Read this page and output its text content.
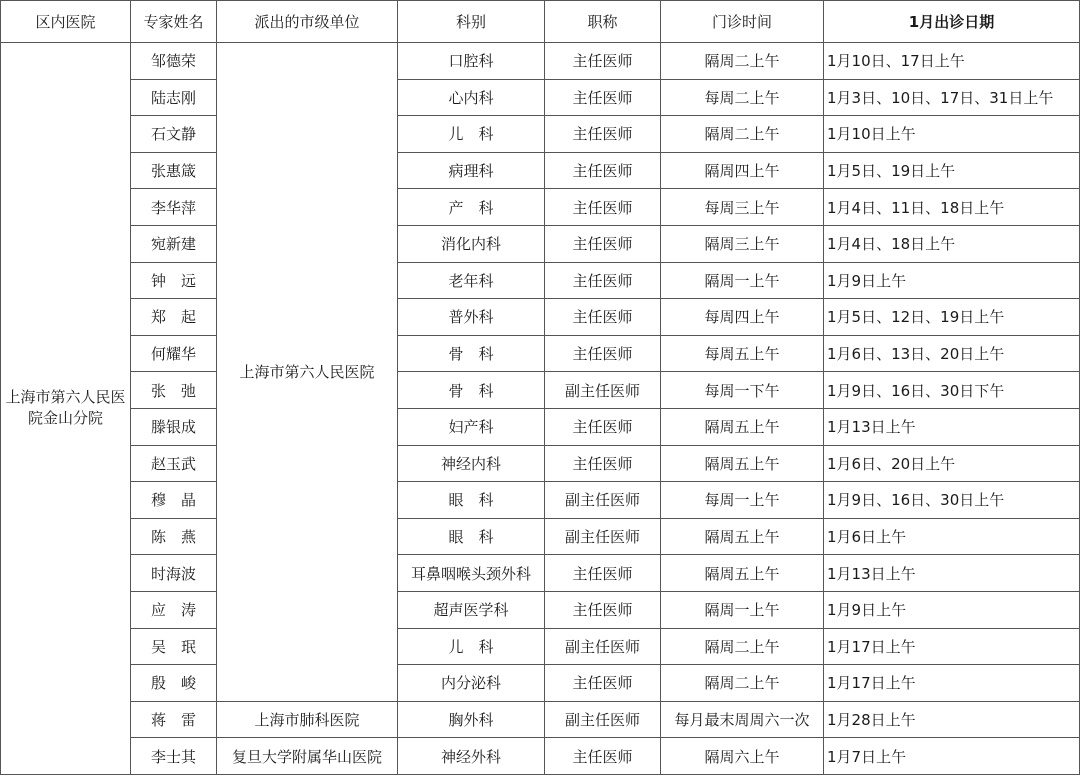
区内医院	专家姓名	派出的市级单位	科别	职称	门诊时间	1月出诊日期
上海市第六人民医院金山分院	邹德荣	上海市第六人民医院	口腔科	主任医师	隔周二上午	1月10日、17日上午
	陆志刚		心内科	主任医师	每周二上午	1月3日、10日、17日、31日上午
	石文静		儿　科	主任医师	隔周二上午	1月10日上午
	张惠箴		病理科	主任医师	隔周四上午	1月5日、19日上午
	李华萍		产　科	主任医师	每周三上午	1月4日、11日、18日上午
	宛新建		消化内科	主任医师	隔周三上午	1月4日、18日上午
	钟　远		老年科	主任医师	隔周一上午	1月9日上午
	郑　起		普外科	主任医师	每周四上午	1月5日、12日、19日上午
	何耀华		骨　科	主任医师	每周五上午	1月6日、13日、20日上午
	张　弛		骨　科	副主任医师	每周一下午	1月9日、16日、30日下午
	滕银成		妇产科	主任医师	隔周五上午	1月13日上午
	赵玉武		神经内科	主任医师	隔周五上午	1月6日、20日上午
	穆　晶		眼　科	副主任医师	每周一上午	1月9日、16日、30日上午
	陈　燕		眼　科	副主任医师	隔周五上午	1月6日上午
	时海波		耳鼻咽喉头颈外科	主任医师	隔周五上午	1月13日上午
	应　涛		超声医学科	主任医师	隔周一上午	1月9日上午
	吴　珉		儿　科	副主任医师	隔周二上午	1月17日上午
	殷　峻		内分泌科	主任医师	隔周二上午	1月17日上午
	蒋　雷	上海市肺科医院	胸外科	副主任医师	每月最末周周六一次	1月28日上午
	李士其	复旦大学附属华山医院	神经外科	主任医师	隔周六上午	1月7日上午
